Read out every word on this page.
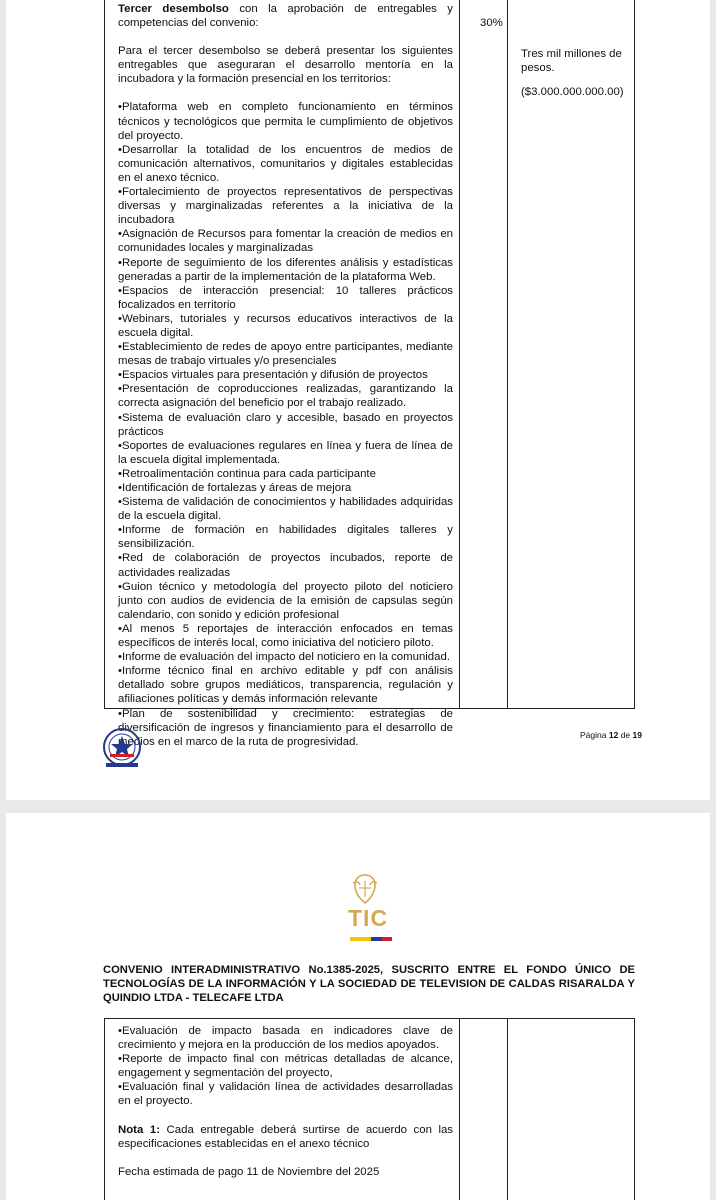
Tercer desembolso con la aprobación de entregables y competencias del convenio:

Para el tercer desembolso se deberá presentar los siguientes entregables que aseguraran el desarrollo mentoría en la incubadora y la formación presencial en los territorios:

•Plataforma web en completo funcionamiento en términos técnicos y tecnológicos que permita le cumplimiento de objetivos del proyecto.

•Desarrollar la totalidad de los encuentros de medios de comunicación alternativos, comunitarios y digitales establecidas en el anexo técnico.

•Fortalecimiento de proyectos representativos de perspectivas diversas y marginalizadas referentes a la iniciativa de la incubadora

•Asignación de Recursos para fomentar la creación de medios en comunidades locales y marginalizadas

•Reporte de seguimiento de los diferentes análisis y estadísticas generadas a partir de la implementación de la plataforma Web.

•Espacios de interacción presencial: 10 talleres prácticos focalizados en territorio

•Webinars, tutoriales y recursos educativos interactivos de la escuela digital.

•Establecimiento de redes de apoyo entre participantes, mediante mesas de trabajo virtuales y/o presenciales

•Espacios virtuales para presentación y difusión de proyectos

•Presentación de coproducciones realizadas, garantizando la correcta asignación del beneficio por el trabajo realizado.

•Sistema de evaluación claro y accesible, basado en proyectos prácticos

•Soportes de evaluaciones regulares en línea y fuera de línea de la escuela digital implementada.

•Retroalimentación continua para cada participante

•Identificación de fortalezas y áreas de mejora

•Sistema de validación de conocimientos y habilidades adquiridas de la escuela digital.

•Informe de formación en habilidades digitales talleres y sensibilización.

•Red de colaboración de proyectos incubados, reporte de actividades realizadas

•Guion técnico y metodología del proyecto piloto del noticiero junto con audios de evidencia de la emisión de capsulas según calendario, con sonido y edición profesional

•Al menos 5 reportajes de interacción enfocados en temas específicos de interés local, como iniciativa del noticiero piloto.

•Informe de evaluación del impacto del noticiero en la comunidad.

•Informe técnico final en archivo editable y pdf con análisis detallado sobre grupos mediáticos, transparencia, regulación y afiliaciones políticas y demás información relevante

•Plan de sostenibilidad y crecimiento: estrategias de diversificación de ingresos y financiamiento para el desarrollo de medios en el marco de la ruta de progresividad.

30%
Tres mil millones de pesos.
($3.000.000.000.00)
Página 12 de 19
TIC
CONVENIO INTERADMINISTRATIVO No.1385-2025, SUSCRITO ENTRE EL FONDO ÚNICO DE TECNOLOGÍAS DE LA INFORMACIÓN Y LA SOCIEDAD DE TELEVISION DE CALDAS RISARALDA Y QUINDIO LTDA - TELECAFE LTDA

•Evaluación de impacto basada en indicadores clave de crecimiento y mejora en la producción de los medios apoyados.

•Reporte de impacto final con métricas detalladas de alcance, engagement y segmentación del proyecto,

•Evaluación final y validación línea de actividades desarrolladas en el proyecto.

Nota 1: Cada entregable deberá surtirse de acuerdo con las especificaciones establecidas en el anexo técnico

Fecha estimada de pago 11 de Noviembre del 2025
